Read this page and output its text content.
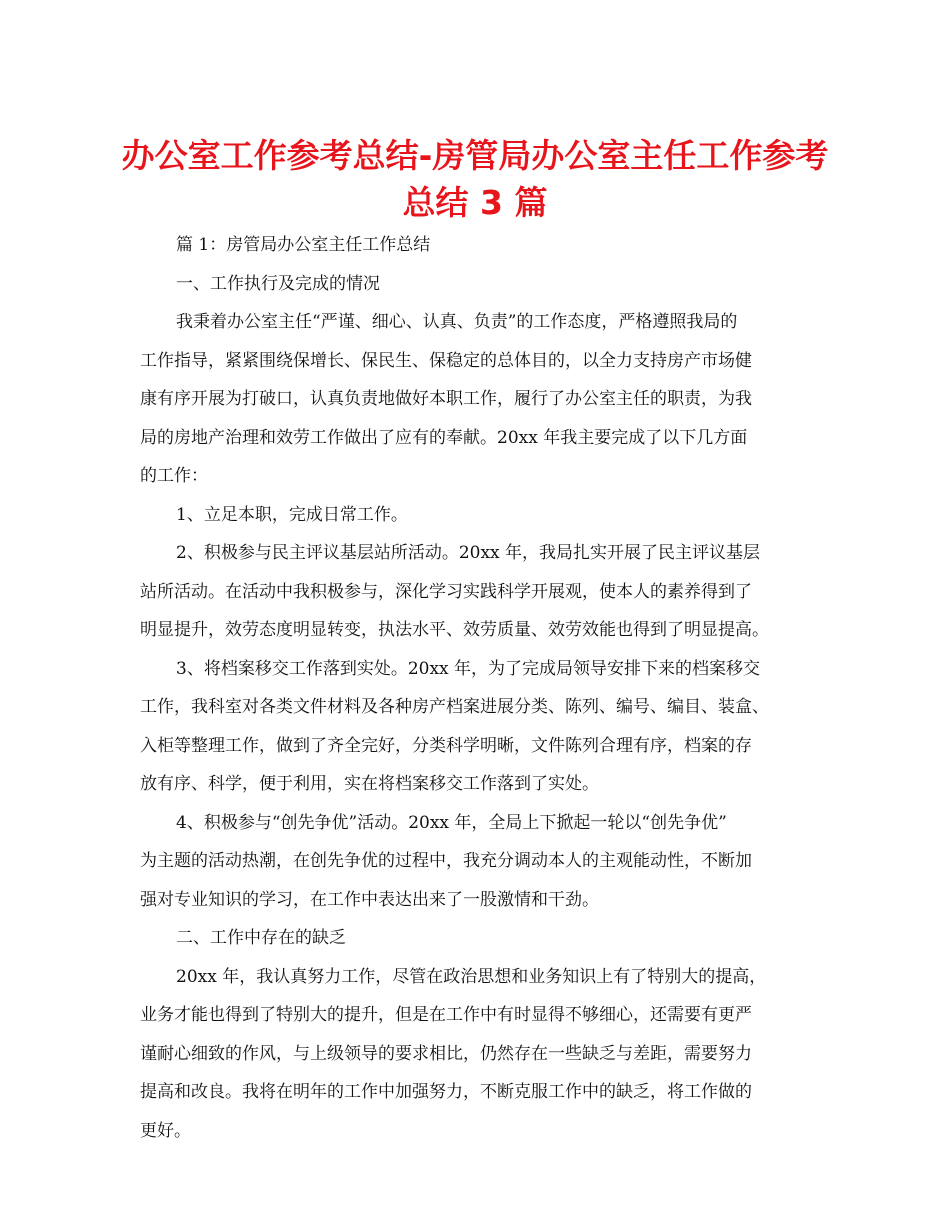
办公室工作参考总结-房管局办公室主任工作参考
总结 3 篇

篇 1：房管局办公室主任工作总结

一、工作执行及完成的情况

我秉着办公室主任“严谨、细心、认真、负责”的工作态度，严格遵照我局的

工作指导，紧紧围绕保增长、保民生、保稳定的总体目的，以全力支持房产市场健

康有序开展为打破口，认真负责地做好本职工作，履行了办公室主任的职责，为我

局的房地产治理和效劳工作做出了应有的奉献。20xx 年我主要完成了以下几方面

的工作：

1、立足本职，完成日常工作。

2、积极参与民主评议基层站所活动。20xx 年，我局扎实开展了民主评议基层

站所活动。在活动中我积极参与，深化学习实践科学开展观，使本人的素养得到了

明显提升，效劳态度明显转变，执法水平、效劳质量、效劳效能也得到了明显提高。

3、将档案移交工作落到实处。20xx 年，为了完成局领导安排下来的档案移交

工作，我科室对各类文件材料及各种房产档案进展分类、陈列、编号、编目、装盒、

入柜等整理工作，做到了齐全完好，分类科学明晰，文件陈列合理有序，档案的存

放有序、科学，便于利用，实在将档案移交工作落到了实处。

4、积极参与“创先争优”活动。20xx 年，全局上下掀起一轮以“创先争优”

为主题的活动热潮，在创先争优的过程中，我充分调动本人的主观能动性，不断加

强对专业知识的学习，在工作中表达出来了一股激情和干劲。

二、工作中存在的缺乏

20xx 年，我认真努力工作，尽管在政治思想和业务知识上有了特别大的提高，

业务才能也得到了特别大的提升，但是在工作中有时显得不够细心，还需要有更严

谨耐心细致的作风，与上级领导的要求相比，仍然存在一些缺乏与差距，需要努力

提高和改良。我将在明年的工作中加强努力，不断克服工作中的缺乏，将工作做的

更好。
